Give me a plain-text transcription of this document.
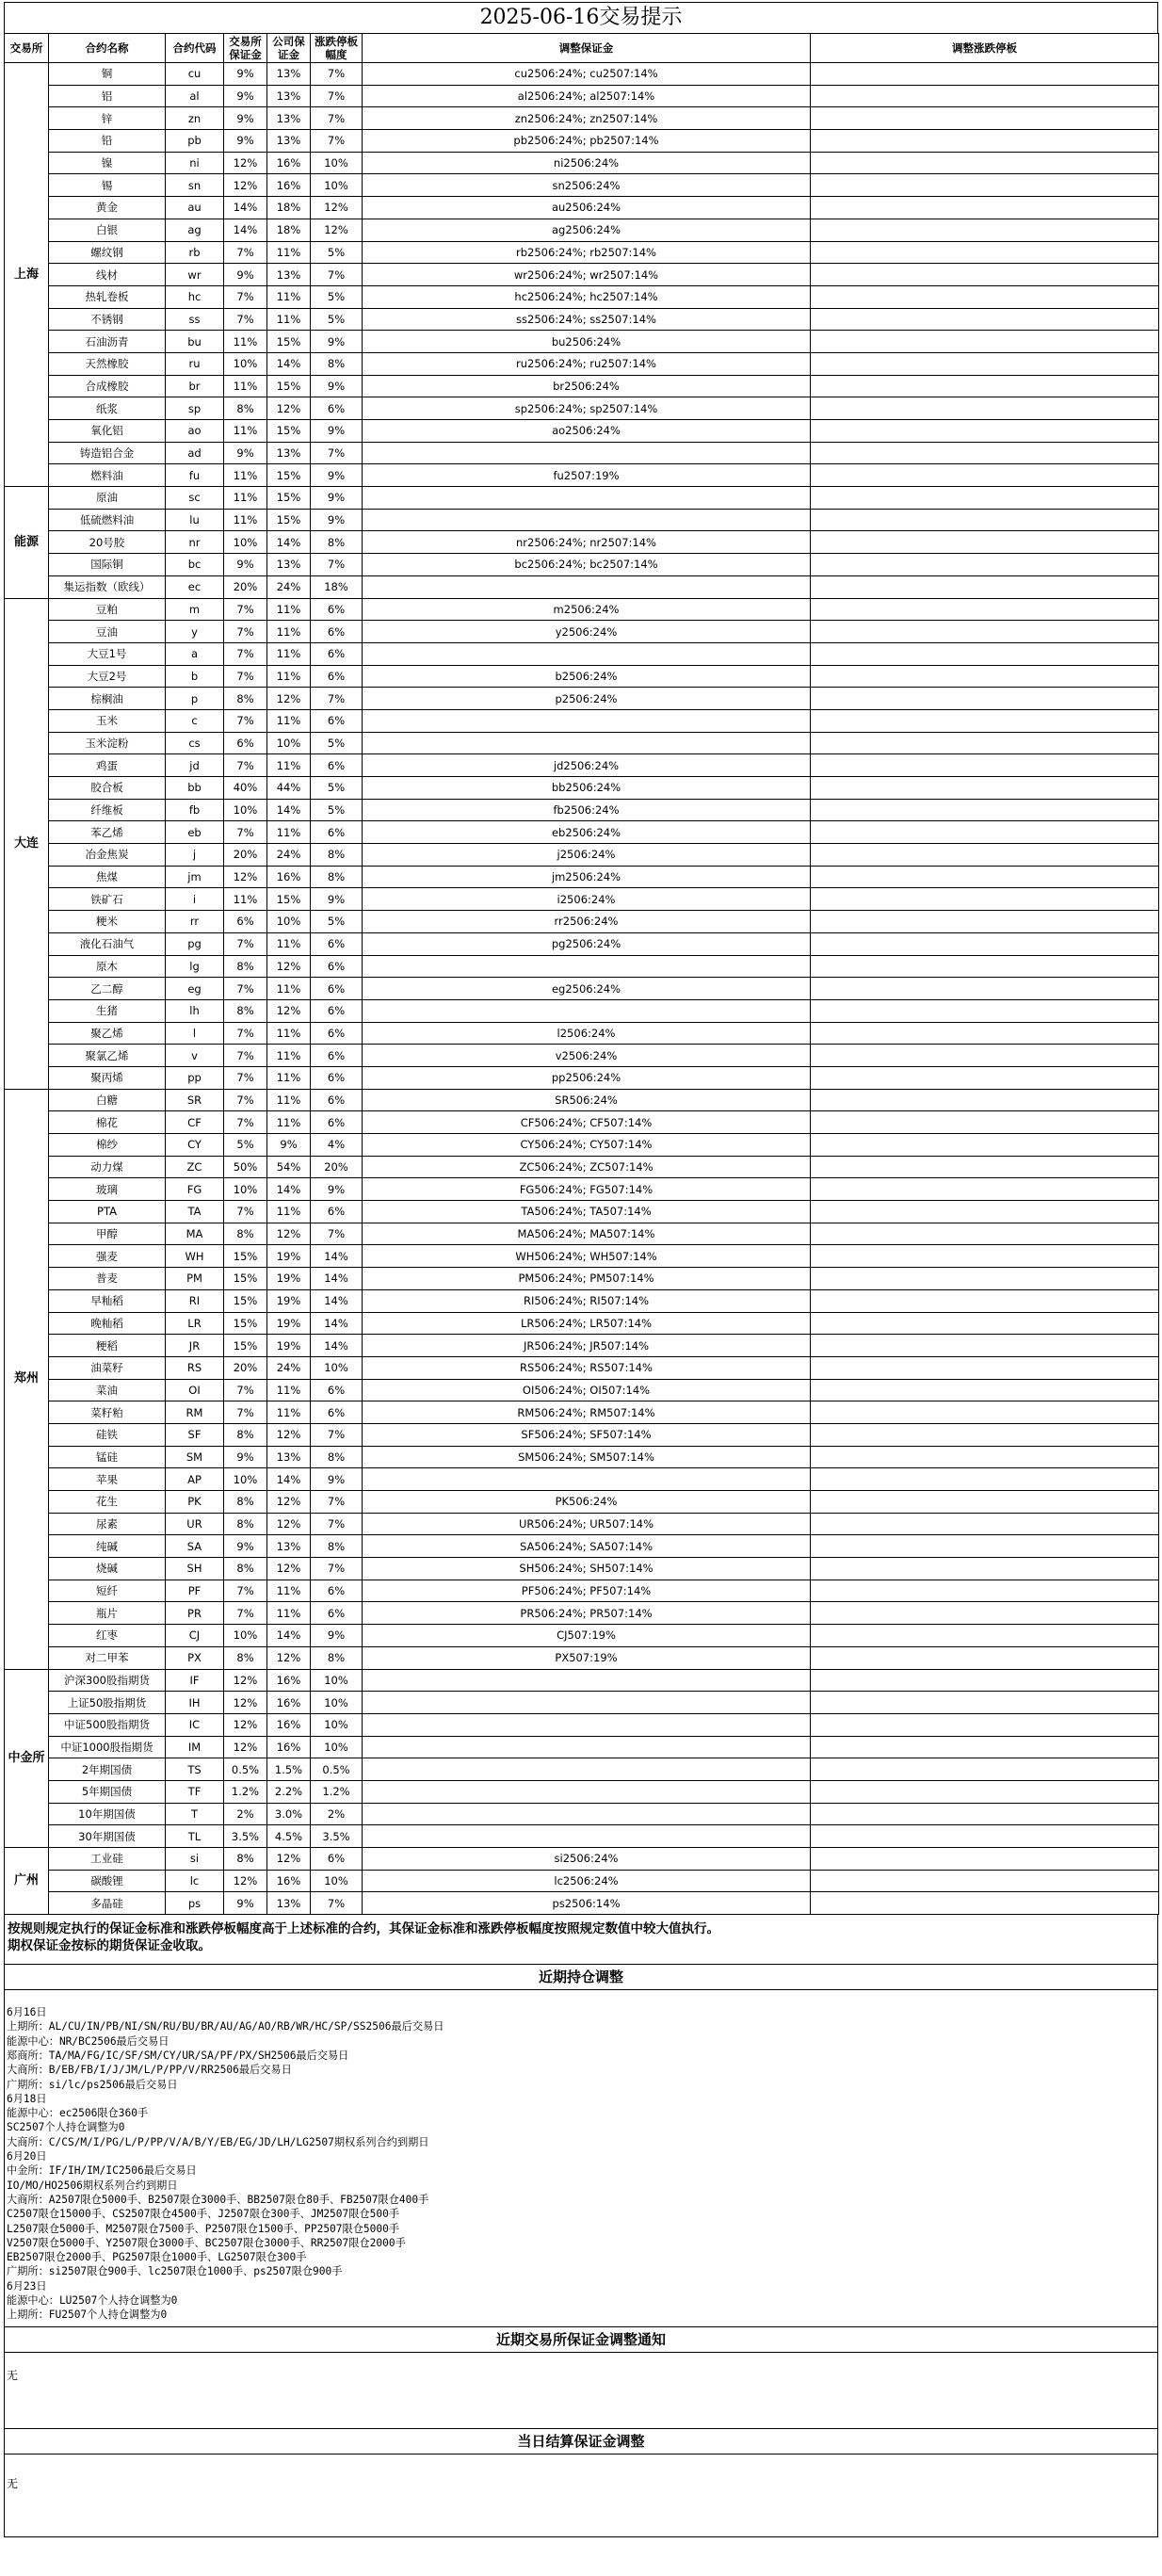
2025-06-16交易提示
交易所	合约名称	合约代码	交易所保证金	公司保证金	涨跌停板幅度	调整保证金	调整涨跌停板
上海	铜	cu	9%	13%	7%	cu2506:24%; cu2507:14%	
	铝	al	9%	13%	7%	al2506:24%; al2507:14%	
	锌	zn	9%	13%	7%	zn2506:24%; zn2507:14%	
	铅	pb	9%	13%	7%	pb2506:24%; pb2507:14%	
	镍	ni	12%	16%	10%	ni2506:24%	
	锡	sn	12%	16%	10%	sn2506:24%	
	黄金	au	14%	18%	12%	au2506:24%	
	白银	ag	14%	18%	12%	ag2506:24%	
	螺纹钢	rb	7%	11%	5%	rb2506:24%; rb2507:14%	
	线材	wr	9%	13%	7%	wr2506:24%; wr2507:14%	
	热轧卷板	hc	7%	11%	5%	hc2506:24%; hc2507:14%	
	不锈钢	ss	7%	11%	5%	ss2506:24%; ss2507:14%	
	石油沥青	bu	11%	15%	9%	bu2506:24%	
	天然橡胶	ru	10%	14%	8%	ru2506:24%; ru2507:14%	
	合成橡胶	br	11%	15%	9%	br2506:24%	
	纸浆	sp	8%	12%	6%	sp2506:24%; sp2507:14%	
	氧化铝	ao	11%	15%	9%	ao2506:24%	
	铸造铝合金	ad	9%	13%	7%		
	燃料油	fu	11%	15%	9%	fu2507:19%	
能源	原油	sc	11%	15%	9%		
	低硫燃料油	lu	11%	15%	9%		
	20号胶	nr	10%	14%	8%	nr2506:24%; nr2507:14%	
	国际铜	bc	9%	13%	7%	bc2506:24%; bc2507:14%	
	集运指数（欧线）	ec	20%	24%	18%		
大连	豆粕	m	7%	11%	6%	m2506:24%	
	豆油	y	7%	11%	6%	y2506:24%	
	大豆1号	a	7%	11%	6%		
	大豆2号	b	7%	11%	6%	b2506:24%	
	棕榈油	p	8%	12%	7%	p2506:24%	
	玉米	c	7%	11%	6%		
	玉米淀粉	cs	6%	10%	5%		
	鸡蛋	jd	7%	11%	6%	jd2506:24%	
	胶合板	bb	40%	44%	5%	bb2506:24%	
	纤维板	fb	10%	14%	5%	fb2506:24%	
	苯乙烯	eb	7%	11%	6%	eb2506:24%	
	冶金焦炭	j	20%	24%	8%	j2506:24%	
	焦煤	jm	12%	16%	8%	jm2506:24%	
	铁矿石	i	11%	15%	9%	i2506:24%	
	粳米	rr	6%	10%	5%	rr2506:24%	
	液化石油气	pg	7%	11%	6%	pg2506:24%	
	原木	lg	8%	12%	6%		
	乙二醇	eg	7%	11%	6%	eg2506:24%	
	生猪	lh	8%	12%	6%		
	聚乙烯	l	7%	11%	6%	l2506:24%	
	聚氯乙烯	v	7%	11%	6%	v2506:24%	
	聚丙烯	pp	7%	11%	6%	pp2506:24%	
郑州	白糖	SR	7%	11%	6%	SR506:24%	
	棉花	CF	7%	11%	6%	CF506:24%; CF507:14%	
	棉纱	CY	5%	9%	4%	CY506:24%; CY507:14%	
	动力煤	ZC	50%	54%	20%	ZC506:24%; ZC507:14%	
	玻璃	FG	10%	14%	9%	FG506:24%; FG507:14%	
	PTA	TA	7%	11%	6%	TA506:24%; TA507:14%	
	甲醇	MA	8%	12%	7%	MA506:24%; MA507:14%	
	强麦	WH	15%	19%	14%	WH506:24%; WH507:14%	
	普麦	PM	15%	19%	14%	PM506:24%; PM507:14%	
	早籼稻	RI	15%	19%	14%	RI506:24%; RI507:14%	
	晚籼稻	LR	15%	19%	14%	LR506:24%; LR507:14%	
	粳稻	JR	15%	19%	14%	JR506:24%; JR507:14%	
	油菜籽	RS	20%	24%	10%	RS506:24%; RS507:14%	
	菜油	OI	7%	11%	6%	OI506:24%; OI507:14%	
	菜籽粕	RM	7%	11%	6%	RM506:24%; RM507:14%	
	硅铁	SF	8%	12%	7%	SF506:24%; SF507:14%	
	锰硅	SM	9%	13%	8%	SM506:24%; SM507:14%	
	苹果	AP	10%	14%	9%		
	花生	PK	8%	12%	7%	PK506:24%	
	尿素	UR	8%	12%	7%	UR506:24%; UR507:14%	
	纯碱	SA	9%	13%	8%	SA506:24%; SA507:14%	
	烧碱	SH	8%	12%	7%	SH506:24%; SH507:14%	
	短纤	PF	7%	11%	6%	PF506:24%; PF507:14%	
	瓶片	PR	7%	11%	6%	PR506:24%; PR507:14%	
	红枣	CJ	10%	14%	9%	CJ507:19%	
	对二甲苯	PX	8%	12%	8%	PX507:19%	
中金所	沪深300股指期货	IF	12%	16%	10%		
	上证50股指期货	IH	12%	16%	10%		
	中证500股指期货	IC	12%	16%	10%		
	中证1000股指期货	IM	12%	16%	10%		
	2年期国债	TS	0.5%	1.5%	0.5%		
	5年期国债	TF	1.2%	2.2%	1.2%		
	10年期国债	T	2%	3.0%	2%		
	30年期国债	TL	3.5%	4.5%	3.5%		
广州	工业硅	si	8%	12%	6%	si2506:24%	
	碳酸锂	lc	12%	16%	10%	lc2506:24%	
	多晶硅	ps	9%	13%	7%	ps2506:14%	
按规则规定执行的保证金标准和涨跌停板幅度高于上述标准的合约，其保证金标准和涨跌停板幅度按照规定数值中较大值执行。
期权保证金按标的期货保证金收取。
近期持仓调整
6月16日
上期所：AL/CU/IN/PB/NI/SN/RU/BU/BR/AU/AG/AO/RB/WR/HC/SP/SS2506最后交易日
能源中心：NR/BC2506最后交易日
郑商所：TA/MA/FG/IC/SF/SM/CY/UR/SA/PF/PX/SH2506最后交易日
大商所：B/EB/FB/I/J/JM/L/P/PP/V/RR2506最后交易日
广期所：si/lc/ps2506最后交易日
6月18日
能源中心：ec2506限仓360手
SC2507个人持仓调整为0
大商所：C/CS/M/I/PG/L/P/PP/V/A/B/Y/EB/EG/JD/LH/LG2507期权系列合约到期日
6月20日
中金所：IF/IH/IM/IC2506最后交易日
IO/MO/HO2506期权系列合约到期日
大商所：A2507限仓5000手、B2507限仓3000手、BB2507限仓80手、FB2507限仓400手
C2507限仓15000手、CS2507限仓4500手、J2507限仓300手、JM2507限仓500手
L2507限仓5000手、M2507限仓7500手、P2507限仓1500手、PP2507限仓5000手
V2507限仓5000手、Y2507限仓3000手、BC2507限仓3000手、RR2507限仓2000手
EB2507限仓2000手、PG2507限仓1000手、LG2507限仓300手
广期所：si2507限仓900手、lc2507限仓1000手、ps2507限仓900手
6月23日
能源中心：LU2507个人持仓调整为0
上期所：FU2507个人持仓调整为0
近期交易所保证金调整通知
无
当日结算保证金调整
无
